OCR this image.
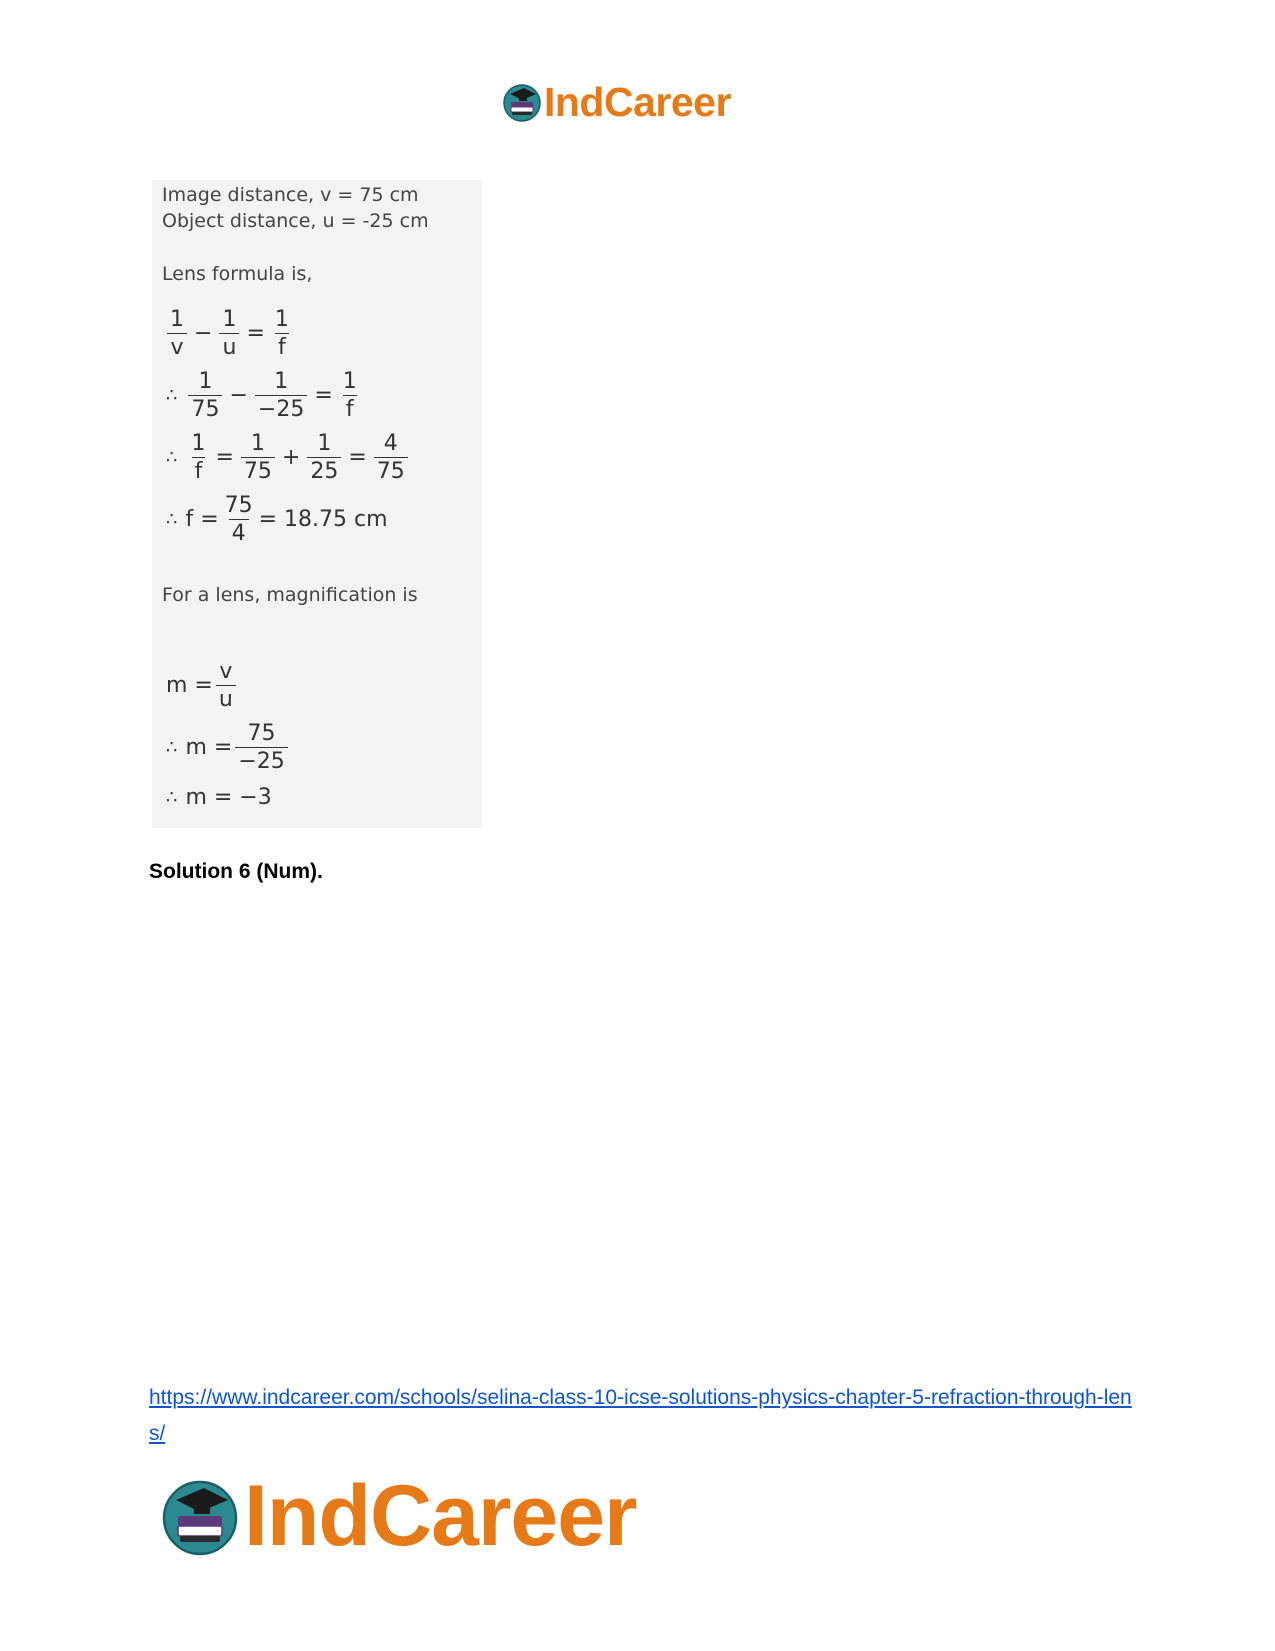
IndCareer
Image distance, v = 75 cm
Object distance, u = -25 cm
Lens formula is,
$\frac{1}{v} - \frac{1}{u} = \frac{1}{f}$
∴ $\frac{1}{75} - \frac{1}{-25} = \frac{1}{f}$
∴ $\frac{1}{f} = \frac{1}{75} + \frac{1}{25} = \frac{4}{75}$
∴ $f = \frac{75}{4} = 18.75$ cm
For a lens, magnification is
$m = \frac{v}{u}$
∴ $m = \frac{75}{-25}$
∴ m = −3
Solution 6 (Num).
https://www.indcareer.com/schools/selina-class-10-icse-solutions-physics-chapter-5-refraction-through-lens/
IndCareer
